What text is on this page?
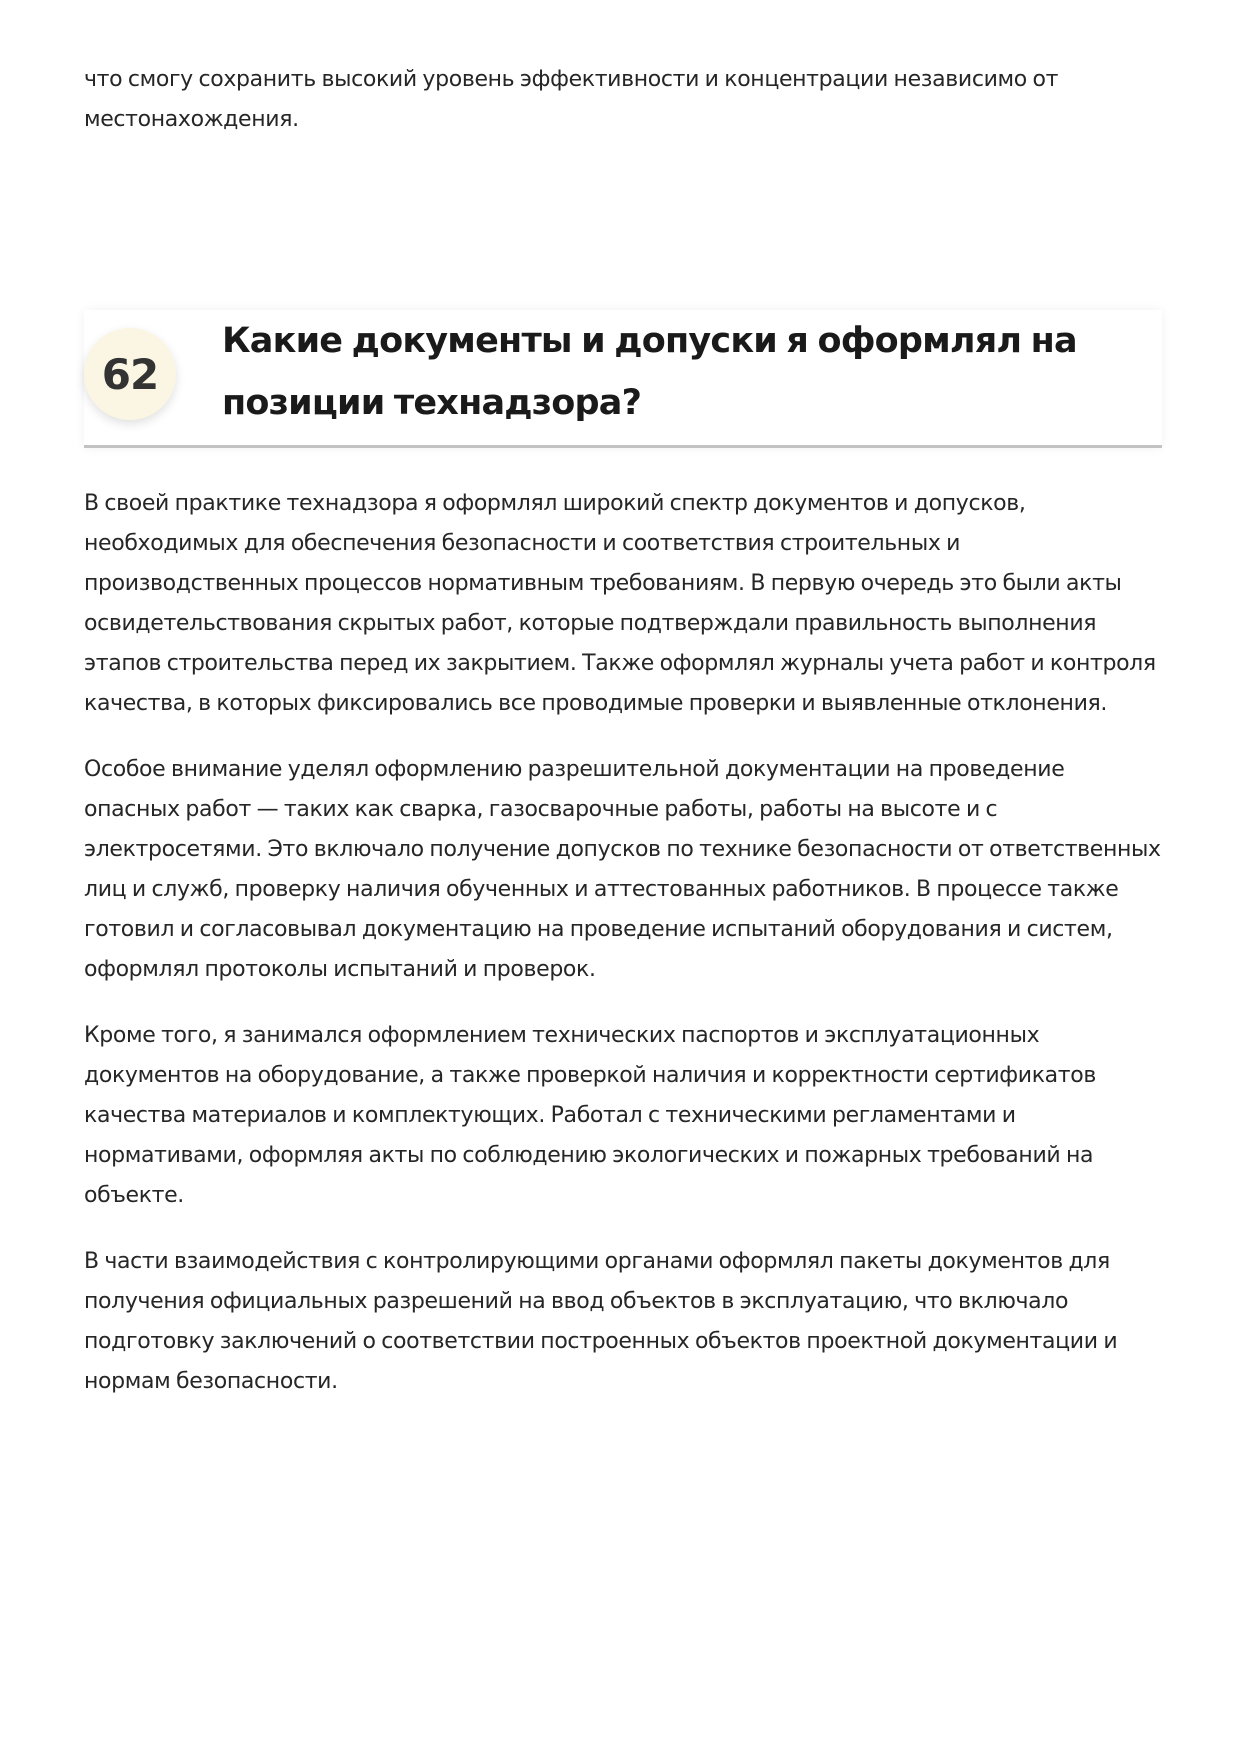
что смогу сохранить высокий уровень эффективности и концентрации независимо от местонахождения.

62
Какие документы и допуски я оформлял на позиции технадзора?

В своей практике технадзора я оформлял широкий спектр документов и допусков, необходимых для обеспечения безопасности и соответствия строительных и производственных процессов нормативным требованиям. В первую очередь это были акты освидетельствования скрытых работ, которые подтверждали правильность выполнения этапов строительства перед их закрытием. Также оформлял журналы учета работ и контроля качества, в которых фиксировались все проводимые проверки и выявленные отклонения.

Особое внимание уделял оформлению разрешительной документации на проведение опасных работ — таких как сварка, газосварочные работы, работы на высоте и с электросетями. Это включало получение допусков по технике безопасности от ответственных лиц и служб, проверку наличия обученных и аттестованных работников. В процессе также готовил и согласовывал документацию на проведение испытаний оборудования и систем, оформлял протоколы испытаний и проверок.

Кроме того, я занимался оформлением технических паспортов и эксплуатационных документов на оборудование, а также проверкой наличия и корректности сертификатов качества материалов и комплектующих. Работал с техническими регламентами и нормативами, оформляя акты по соблюдению экологических и пожарных требований на объекте.

В части взаимодействия с контролирующими органами оформлял пакеты документов для получения официальных разрешений на ввод объектов в эксплуатацию, что включало подготовку заключений о соответствии построенных объектов проектной документации и нормам безопасности.
